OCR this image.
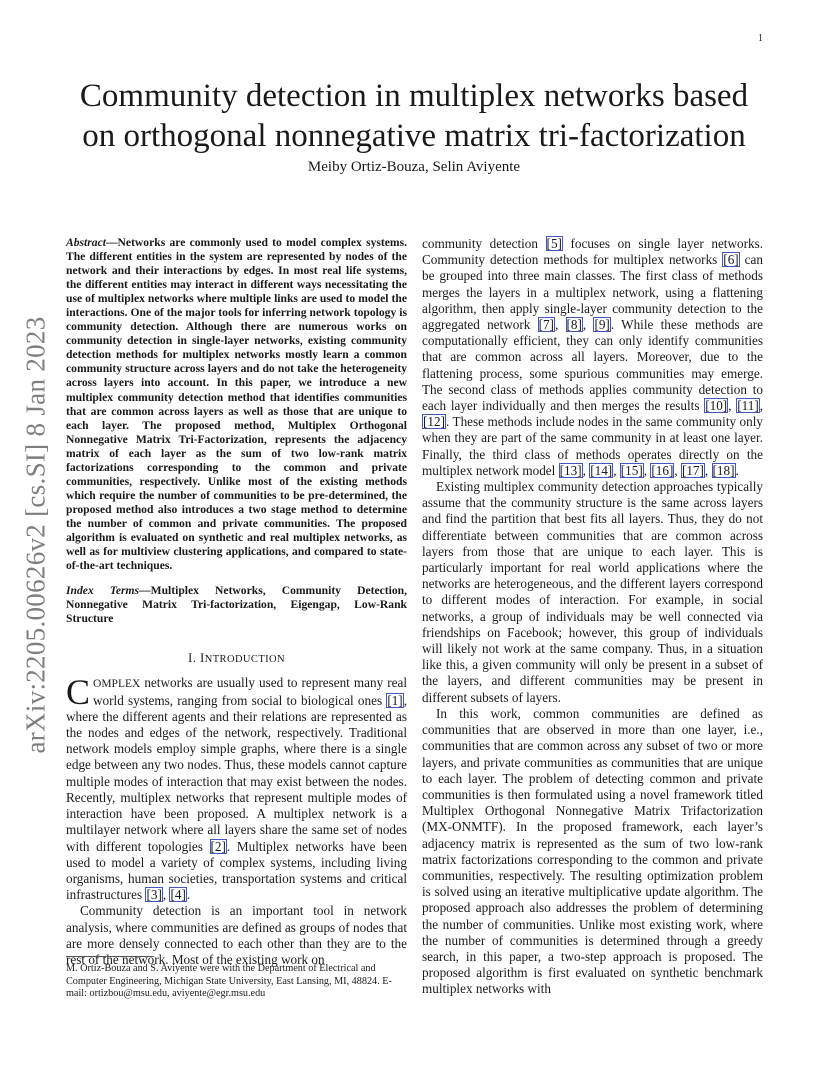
1
arXiv:2205.00626v2 [cs.SI] 8 Jan 2023
Community detection in multiplex networks based on orthogonal nonnegative matrix tri-factorization
Meiby Ortiz-Bouza, Selin Aviyente

Abstract—Networks are commonly used to model complex systems. The different entities in the system are represented by nodes of the network and their interactions by edges. In most real life systems, the different entities may interact in different ways necessitating the use of multiplex networks where multiple links are used to model the interactions. One of the major tools for inferring network topology is community detection. Although there are numerous works on community detection in single-layer networks, existing community detection methods for multiplex networks mostly learn a common community structure across layers and do not take the heterogeneity across layers into account. In this paper, we introduce a new multiplex community detection method that identifies communities that are common across layers as well as those that are unique to each layer. The proposed method, Multiplex Orthogonal Nonnegative Matrix Tri-Factorization, represents the adjacency matrix of each layer as the sum of two low-rank matrix factorizations corresponding to the common and private communities, respectively. Unlike most of the existing methods which require the number of communities to be pre-determined, the proposed method also introduces a two stage method to determine the number of common and private communities. The proposed algorithm is evaluated on synthetic and real multiplex networks, as well as for multiview clustering applications, and compared to state-of-the-art techniques.

Index Terms—Multiplex Networks, Community Detection, Nonnegative Matrix Tri-factorization, Eigengap, Low-Rank Structure

I. INTRODUCTION

COMPLEX networks are usually used to represent many real world systems, ranging from social to biological ones [1], where the different agents and their relations are represented as the nodes and edges of the network, respectively. Traditional network models employ simple graphs, where there is a single edge between any two nodes. Thus, these models cannot capture multiple modes of interaction that may exist between the nodes. Recently, multiplex networks that represent multiple modes of interaction have been proposed. A multiplex network is a multilayer network where all layers share the same set of nodes with different topologies [2]. Multiplex networks have been used to model a variety of complex systems, including living organisms, human societies, transportation systems and critical infrastructures [3], [4].

Community detection is an important tool in network analysis, where communities are defined as groups of nodes that are more densely connected to each other than they are to the rest of the network. Most of the existing work on

M. Ortiz-Bouza and S. Aviyente were with the Department of Electrical and Computer Engineering, Michigan State University, East Lansing, MI, 48824. E-mail: ortizbou@msu.edu, aviyente@egr.msu.edu

community detection [5] focuses on single layer networks. Community detection methods for multiplex networks [6] can be grouped into three main classes. The first class of methods merges the layers in a multiplex network, using a flattening algorithm, then apply single-layer community detection to the aggregated network [7], [8], [9]. While these methods are computationally efficient, they can only identify communities that are common across all layers. Moreover, due to the flattening process, some spurious communities may emerge. The second class of methods applies community detection to each layer individually and then merges the results [10], [11], [12]. These methods include nodes in the same community only when they are part of the same community in at least one layer. Finally, the third class of methods operates directly on the multiplex network model [13], [14], [15], [16], [17], [18].

Existing multiplex community detection approaches typically assume that the community structure is the same across layers and find the partition that best fits all layers. Thus, they do not differentiate between communities that are common across layers from those that are unique to each layer. This is particularly important for real world applications where the networks are heterogeneous, and the different layers correspond to different modes of interaction. For example, in social networks, a group of individuals may be well connected via friendships on Facebook; however, this group of individuals will likely not work at the same company. Thus, in a situation like this, a given community will only be present in a subset of the layers, and different communities may be present in different subsets of layers.

In this work, common communities are defined as communities that are observed in more than one layer, i.e., communities that are common across any subset of two or more layers, and private communities as communities that are unique to each layer. The problem of detecting common and private communities is then formulated using a novel framework titled Multiplex Orthogonal Nonnegative Matrix Trifactorization (MX-ONMTF). In the proposed framework, each layer’s adjacency matrix is represented as the sum of two low-rank matrix factorizations corresponding to the common and private communities, respectively. The resulting optimization problem is solved using an iterative multiplicative update algorithm. The proposed approach also addresses the problem of determining the number of communities. Unlike most existing work, where the number of communities is determined through a greedy search, in this paper, a two-step approach is proposed. The proposed algorithm is first evaluated on synthetic benchmark multiplex networks with
